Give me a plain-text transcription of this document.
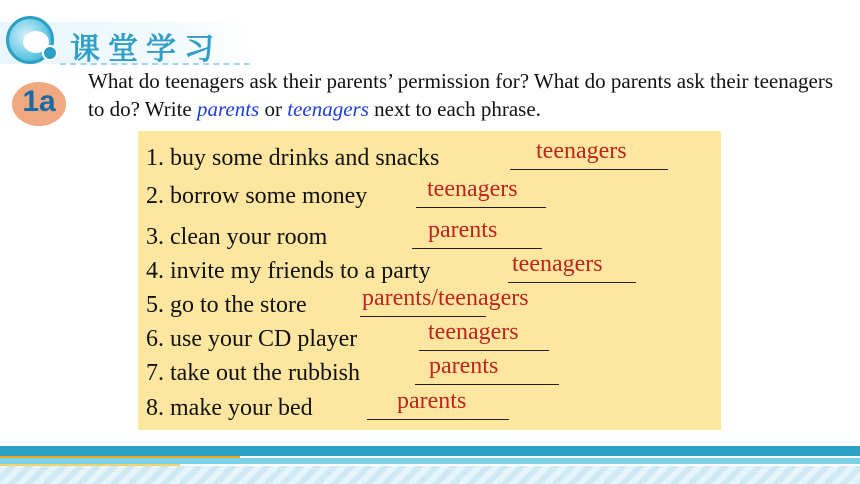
课堂学习
1a
What do teenagers ask their parents’ permission for? What do parents ask their teenagers to do? Write parents or teenagers next to each phrase.
1. buy some drinks and snacks	teenagers
2. borrow some money teenagers
3. clean your room	parents
4. invite my friends to a party	teenagers
5. go to the store parents/teenagers
6. use your CD player	teenagers
7. take out the rubbish	parents
8. make your bed	parents
